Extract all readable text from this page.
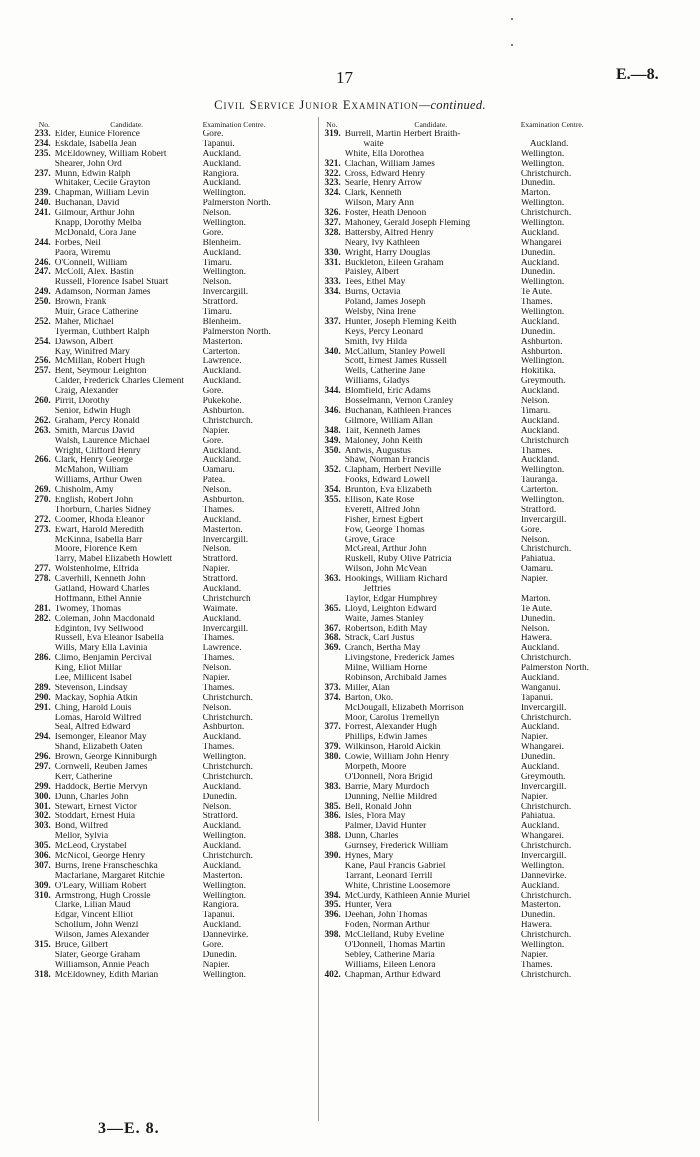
17	E.—8.
Civil Service Junior Examination—continued.
No.	Candidate.	Examination Centre.
233. Elder, Eunice Florence	Gore.
234. Eskdale, Isabella Jean	Tapanui.
235. McEldowney, William Robert	Auckland.
Shearer, John Ord	Auckland.
237. Munn, Edwin Ralph	Rangiora.
Whitaker, Cecile Grayton	Auckland.
239. Chapman, William Levin	Wellington.
240. Buchanan, David	Palmerston North.
241. Gilmour, Arthur John	Nelson.
Knapp, Dorothy Melba	Wellington.
McDonald, Cora Jane	Gore.
244. Forbes, Neil	Blenheim.
Paora, Wiremu	Auckland.
246. O'Connell, William	Timaru.
247. McColl, Alex. Bastin	Wellington.
Russell, Florence Isabel Stuart	Nelson.
249. Adamson, Norman James	Invercargill.
250. Brown, Frank	Stratford.
Muir, Grace Catherine	Timaru.
252. Maher, Michael	Blenheim.
Tyerman, Cuthbert Ralph	Palmerston North.
254. Dawson, Albert	Masterton.
Kay, Winifred Mary	Carterton.
256. McMillan, Robert Hugh	Lawrence.
257. Bent, Seymour Leighton	Auckland.
Calder, Frederick Charles Clement	Auckland.
Craig, Alexander	Gore.
260. Pirrit, Dorothy	Pukekohe.
Senior, Edwin Hugh	Ashburton.
262. Graham, Percy Ronald	Christchurch.
263. Smith, Marcus David	Napier.
Walsh, Laurence Michael	Gore.
Wright, Clifford Henry	Auckland.
266. Clark, Henry George	Auckland.
McMahon, William	Oamaru.
Williams, Arthur Owen	Patea.
269. Chisholm, Amy	Nelson.
270. English, Robert John	Ashburton.
Thorburn, Charles Sidney	Thames.
272. Coomer, Rhoda Eleanor	Auckland.
273. Ewart, Harold Meredith	Masterton.
McKinna, Isabella Barr	Invercargill.
Moore, Florence Kem	Nelson.
Tarry, Mabel Elizabeth Howlett	Stratford.
277. Wolstenholme, Elfrida	Napier.
278. Caverhill, Kenneth John	Stratford.
Gatland, Howard Charles	Auckland.
Hoffmann, Ethel Annie	Christchurch
281. Twomey, Thomas	Waimate.
282. Coleman, John Macdonald	Auckland.
Edginton, Ivy Sellwood	Invercargill.
Russell, Eva Eleanor Isabella	Thames.
Wills, Mary Ella Lavinia	Lawrence.
286. Climo, Benjamin Percival	Thames.
King, Eliot Millar	Nelson.
Lee, Millicent Isabel	Napier.
289. Stevenson, Lindsay	Thames.
290. Mackay, Sophia Atkin	Christchurch.
291. Ching, Harold Louis	Nelson.
Lomas, Harold Wilfred	Christchurch.
Seal, Alfred Edward	Ashburton.
294. Isemonger, Eleanor May	Auckland.
Shand, Elizabeth Oaten	Thames.
296. Brown, George Kinniburgh	Wellington.
297. Cornwell, Reuben James	Christchurch.
Kerr, Catherine	Christchurch.
299. Haddock, Bertie Mervyn	Auckland.
300. Dunn, Charles John	Dunedin.
301. Stewart, Ernest Victor	Nelson.
302. Stoddart, Ernest Huia	Stratford.
303. Bond, Wilfred	Auckland.
Mellor, Sylvia	Wellington.
305. McLeod, Crystabel	Auckland.
306. McNicol, George Henry	Christchurch.
307. Burns, Irene Franscheschka	Auckland.
Macfarlane, Margaret Ritchie	Masterton.
309. O'Leary, William Robert	Wellington.
310. Armstrong, Hugh Crossle	Wellington.
Clarke, Lilian Maud	Rangiora.
Edgar, Vincent Elliot	Tapanui.
Schollum, John Wenzl	Auckland.
Wilson, James Alexander	Dannevirke.
315. Bruce, Gilbert	Gore.
Slater, George Graham	Dunedin.
Williamson, Annie Peach	Napier.
318. McEldowney, Edith Marian	Wellington.
No.	Candidate.	Examination Centre.
319. Burrell, Martin Herbert Braith-
waite	Auckland.
White, Ella Dorothea	Wellington.
321. Clachan, William James	Wellington.
322. Cross, Edward Henry	Christchurch.
323. Searle, Henry Arrow	Dunedin.
324. Clark, Kenneth	Marton.
Wilson, Mary Ann	Wellington.
326. Foster, Heath Denoon	Christchurch.
327. Mahoney, Gerald Joseph Fleming	Wellington.
328. Battersby, Alfred Henry	Auckland.
Neary, Ivy Kathleen	Whangarei
330. Wright, Harry Douglas	Dunedin.
331. Buckleton, Eileen Graham	Auckland.
Paisley, Albert	Dunedin.
333. Tees, Ethel May	Wellington.
334. Burns, Octavia	Te Aute.
Poland, James Joseph	Thames.
Welsby, Nina Irene	Wellington.
337. Hunter, Joseph Fleming Keith	Auckland.
Keys, Percy Leonard	Dunedin.
Smith, Ivy Hilda	Ashburton.
340. McCallum, Stanley Powell	Ashburton.
Scott, Ernest James Russell	Wellington.
Wells, Catherine Jane	Hokitika.
Williams, Gladys	Greymouth.
344. Blomfield, Eric Adams	Auckland.
Bosselmann, Vernon Cranley	Nelson.
346. Buchanan, Kathleen Frances	Timaru.
Gilmore, William Allan	Auckland.
348. Tait, Kenneth James	Auckland.
349. Maloney, John Keith	Christchurch
350. Antwis, Augustus	Thames.
Shaw, Norman Francis	Auckland.
352. Clapham, Herbert Neville	Wellington.
Fooks, Edward Lowell	Tauranga.
354. Brunton, Eva Elizabeth	Carterton.
355. Ellison, Kate Rose	Wellington.
Everett, Alfred John	Stratford.
Fisher, Ernest Egbert	Invercargill.
Fow, George Thomas	Gore.
Grove, Grace	Nelson.
McGreal, Arthur John	Christchurch.
Ruskell, Ruby Olive Patricia	Pahiatua.
Wilson, John McVean	Oamaru.
363. Hookings, William Richard	Napier.
Jeffries
Taylor, Edgar Humphrey	Marton.
365. Lloyd, Leighton Edward	Te Aute.
Waite, James Stanley	Dunedin.
367. Robertson, Edith May	Nelson.
368. Strack, Carl Justus	Hawera.
369. Cranch, Bertha May	Auckland.
Livingstone, Frederick James	Christchurch.
Milne, William Horne	Palmerston North.
Robinson, Archibald James	Auckland.
373. Miller, Alan	Wanganui.
374. Barton, Oko.	Tapanui.
McDougall, Elizabeth Morrison	Invercargill.
Moor, Carolus Tremellyn	Christchurch.
377. Forrest, Alexander Hugh	Auckland.
Phillips, Edwin James	Napier.
379. Wilkinson, Harold Aickin	Whangarei.
380. Cowie, William John Henry	Dunedin.
Morpeth, Moore	Auckland.
O'Donnell, Nora Brigid	Greymouth.
383. Barrie, Mary Murdoch	Invercargill.
Dunning, Nellie Mildred	Napier.
385. Bell, Ronald John	Christchurch.
386. Isles, Flora May	Pahiatua.
Palmer, David Hunter	Auckland.
388. Dunn, Charles	Whangarei.
Gurnsey, Frederick William	Christchurch.
390. Hynes, Mary	Invercargill.
Kane, Paul Francis Gabriel	Wellington.
Tarrant, Leonard Terrill	Dannevirke.
White, Christine Loosemore	Auckland.
394. McCurdy, Kathleen Annie Muriel	Christchurch.
395. Hunter, Vera	Masterton.
396. Deehan, John Thomas	Dunedin.
Foden, Norman Arthur	Hawera.
398. McClelland, Ruby Eveline	Christchurch.
O'Donnell, Thomas Martin	Wellington.
Sebley, Catherine Maria	Napier.
Williams, Eileen Lenora	Thames.
402. Chapman, Arthur Edward	Christchurch.
3—E. 8.
